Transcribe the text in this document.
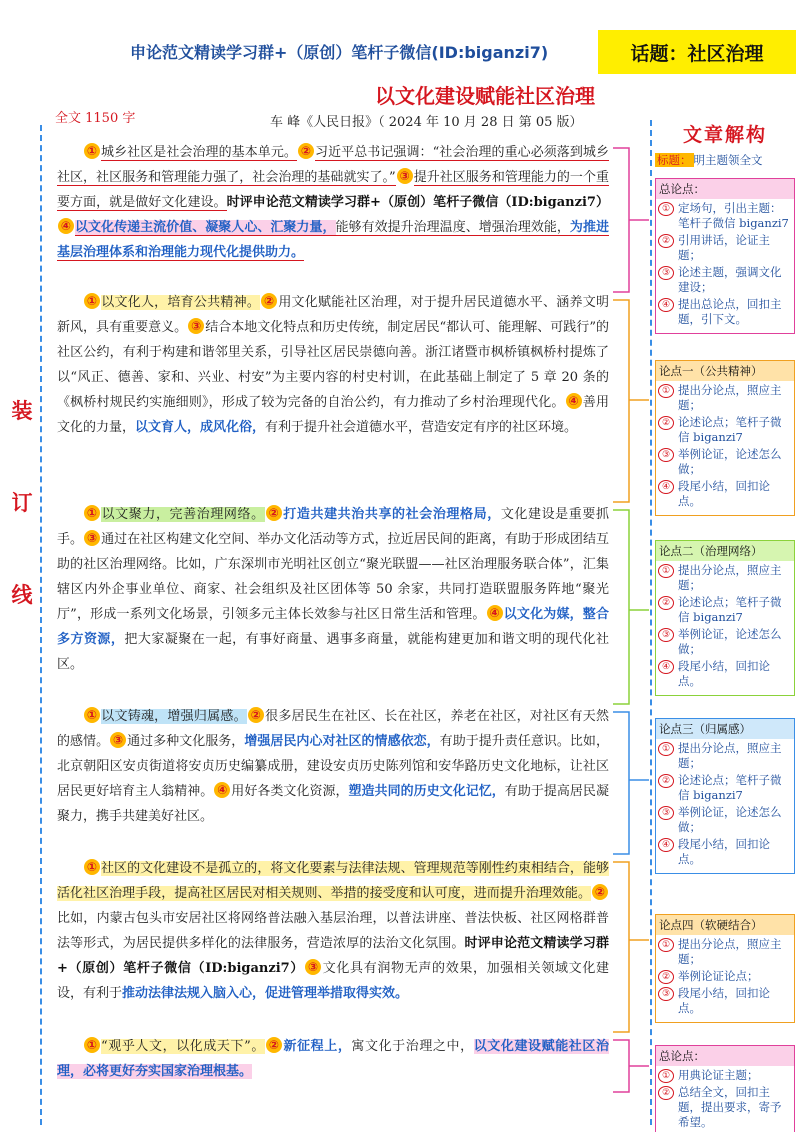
申论范文精读学习群+（原创）笔杆子微信(ID:biganzi7)	话题：社区治理
以文化建设赋能社区治理
全文 1150 字	车 峰《人民日报》（ 2024 年 10 月 28 日 第 05 版）
装
订
线

① 城乡社区是社会治理的基本单元。 ② 习近平总书记强调：“社会治理的重心必须落到城乡社区，社区服务和管理能力强了，社会治理的基础就实了。” ③ 提升社区服务和管理能力的一个重要方面，就是做好文化建设。时评申论范文精读学习群+（原创）笔杆子微信（ID:biganzi7）④ 以文化传递主流价值、凝聚人心、汇聚力量，能够有效提升治理温度、增强治理效能，为推进基层治理体系和治理能力现代化提供助力。

① 以文化人，培育公共精神。 ② 用文化赋能社区治理，对于提升居民道德水平、涵养文明新风，具有重要意义。 ③ 结合本地文化特点和历史传统，制定居民“都认可、能理解、可践行”的社区公约，有利于构建和谐邻里关系，引导社区居民崇德向善。浙江诸暨市枫桥镇枫桥村提炼了以“风正、德善、家和、兴业、村安”为主要内容的村史村训，在此基础上制定了 5 章 20 条的《枫桥村规民约实施细则》，形成了较为完备的自治公约，有力推动了乡村治理现代化。 ④ 善用文化的力量，以文育人，成风化俗，有利于提升社会道德水平，营造安定有序的社区环境。

① 以文聚力，完善治理网络。 ② 打造共建共治共享的社会治理格局，文化建设是重要抓手。 ③ 通过在社区构建文化空间、举办文化活动等方式，拉近居民间的距离，有助于形成团结互助的社区治理网络。比如，广东深圳市光明社区创立“聚光联盟——社区治理服务联合体”，汇集辖区内外企事业单位、商家、社会组织及社区团体等 50 余家，共同打造联盟服务阵地“聚光厅”，形成一系列文化场景，引领多元主体长效参与社区日常生活和管理。 ④ 以文化为媒，整合多方资源，把大家凝聚在一起，有事好商量、遇事多商量，就能构建更加和谐文明的现代化社区。

① 以文铸魂，增强归属感。 ② 很多居民生在社区、长在社区，养老在社区，对社区有天然的感情。 ③ 通过多种文化服务，增强居民内心对社区的情感依恋，有助于提升责任意识。比如，北京朝阳区安贞街道将安贞历史编纂成册，建设安贞历史陈列馆和安华路历史文化地标，让社区居民更好培育主人翁精神。 ④ 用好各类文化资源，塑造共同的历史文化记忆，有助于提高居民凝聚力，携手共建美好社区。

① 社区的文化建设不是孤立的，将文化要素与法律法规、管理规范等刚性约束相结合，能够活化社区治理手段，提高社区居民对相关规则、举措的接受度和认可度，进而提升治理效能。 ②比如，内蒙古包头市安居社区将网络普法融入基层治理，以普法讲座、普法快板、社区网格群普法等形式，为居民提供多样化的法律服务，营造浓厚的法治文化氛围。时评申论范文精读学习群+（原创）笔杆子微信（ID:biganzi7） ③ 文化具有润物无声的效果，加强相关领域文化建设，有利于推动法律法规入脑入心，促进管理举措取得实效。

① “观乎人文，以化成天下”。 ② 新征程上，寓文化于治理之中，以文化建设赋能社区治理，必将更好夯实国家治理根基。

文章解构
标题： 明主题领全文
总论点：
① 定场句，引出主题：笔杆子微信 biganzi7
② 引用讲话，论证主题；
③ 论述主题，强调文化建设；
④ 提出总论点，回扣主题，引下文。
论点一（公共精神）
① 提出分论点，照应主题；
② 论述论点；笔杆子微信 biganzi7
③ 举例论证，论述怎么做；
④ 段尾小结，回扣论点。
论点二（治理网络）
① 提出分论点，照应主题；
② 论述论点；笔杆子微信 biganzi7
③ 举例论证，论述怎么做；
④ 段尾小结，回扣论点。
论点三（归属感）
① 提出分论点，照应主题；
② 论述论点；笔杆子微信 biganzi7
③ 举例论证，论述怎么做；
④ 段尾小结，回扣论点。
论点四（软硬结合）
① 提出分论点，照应主题；
② 举例论证论点；
③ 段尾小结，回扣论点。
总论点：
① 用典论证主题；
② 总结全文，回扣主题，提出要求，寄予希望。
